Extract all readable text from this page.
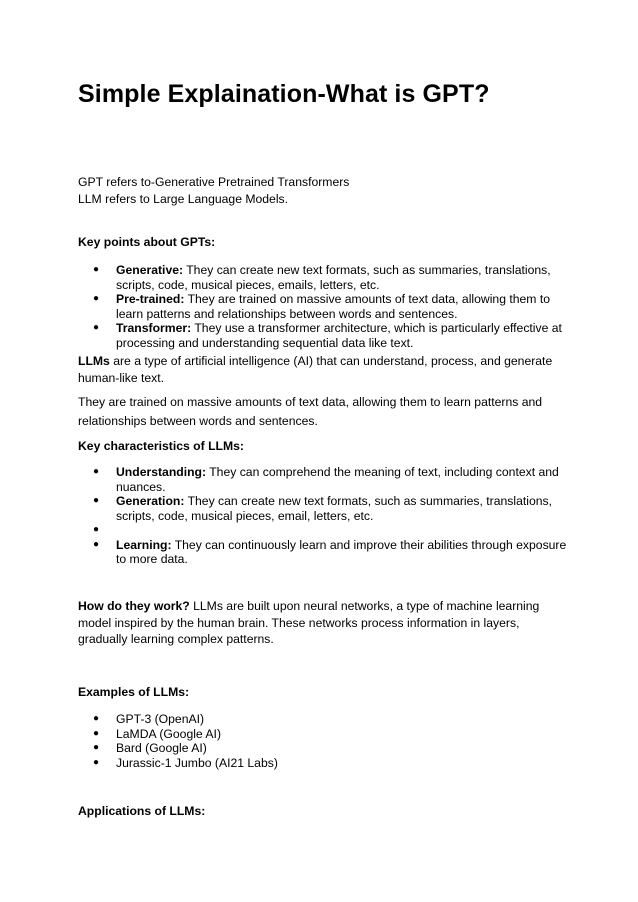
Simple Explaination-What is GPT?
GPT refers to-Generative Pretrained Transformers
LLM refers to Large Language Models.
Key points about GPTs:
● Generative: They can create new text formats, such as summaries, translations, scripts, code, musical pieces, emails, letters, etc.
● Pre-trained: They are trained on massive amounts of text data, allowing them to learn patterns and relationships between words and sentences.
● Transformer: They use a transformer architecture, which is particularly effective at processing and understanding sequential data like text.
LLMs are a type of artificial intelligence (AI) that can understand, process, and generate human-like text.
They are trained on massive amounts of text data, allowing them to learn patterns and relationships between words and sentences.
Key characteristics of LLMs:
● Understanding: They can comprehend the meaning of text, including context and nuances.
● Generation: They can create new text formats, such as summaries, translations, scripts, code, musical pieces, email, letters, etc.
●
● Learning: They can continuously learn and improve their abilities through exposure to more data.
How do they work? LLMs are built upon neural networks, a type of machine learning model inspired by the human brain. These networks process information in layers, gradually learning complex patterns.
Examples of LLMs:
● GPT-3 (OpenAI)
● LaMDA (Google AI)
● Bard (Google AI)
● Jurassic-1 Jumbo (AI21 Labs)
Applications of LLMs:
